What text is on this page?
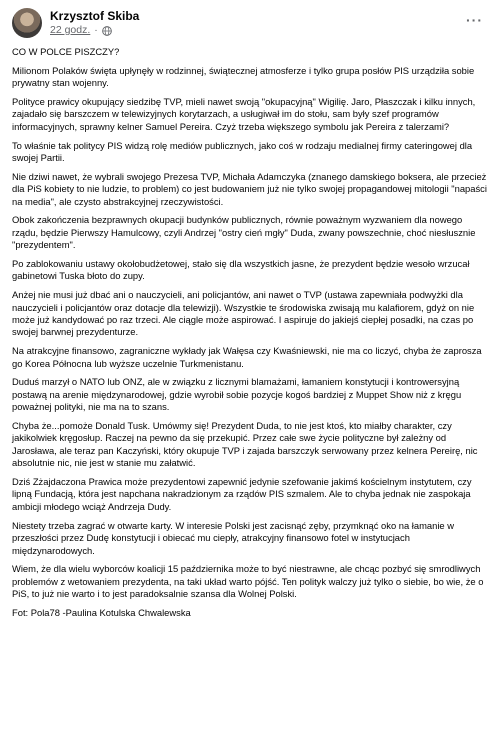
Krzysztof Skiba
22 godz. ·
···

CO W POLCE PISZCZY?

Milionom Polaków święta upłynęły w rodzinnej, świątecznej atmosferze i tylko grupa posłów PIS urządziła sobie prywatny stan wojenny.

Polityce prawicy okupujący siedzibę TVP, mieli nawet swoją "okupacyjną" Wigilię. Jaro, Płaszczak i kilku innych, zajadało się barszczem w telewizyjnych korytarzach, a usługiwał im do stołu, sam były szef programów informacyjnych, sprawny kelner Samuel Pereira. Czyż trzeba większego symbolu jak Pereira z talerzami?

To właśnie tak politycy PIS widzą rolę mediów publicznych, jako coś w rodzaju medialnej firmy cateringowej dla swojej Partii.

Nie dziwi nawet, że wybrali swojego Prezesa TVP, Michała Adamczyka (znanego damskiego boksera, ale przecież dla PiS kobiety to nie ludzie, to problem) co jest budowaniem już nie tylko swojej propagandowej mitologii "napaści na media", ale czysto abstrakcyjnej rzeczywistości.

Obok zakończenia bezprawnych okupacji budynków publicznych, równie poważnym wyzwaniem dla nowego rządu, będzie Pierwszy Hamulcowy, czyli Andrzej "ostry cień mgły" Duda, zwany powszechnie, choć niesłusznie "prezydentem".

Po zablokowaniu ustawy okołobudżetowej, stało się dla wszystkich jasne, że prezydent będzie wesoło wrzucał gabinetowi Tuska błoto do zupy.

Anżej nie musi już dbać ani o nauczycieli, ani policjantów, ani nawet o TVP (ustawa zapewniała podwyżki dla nauczycieli i policjantów oraz dotacje dla telewizji). Wszystkie te środowiska zwisają mu kalafiorem, gdyż on nie może już kandydować po raz trzeci. Ale ciągle może aspirować. I aspiruje do jakiejś ciepłej posadki, na czas po swojej barwnej prezydenturze.

Na atrakcyjne finansowo, zagraniczne wykłady jak Wałęsa czy Kwaśniewski, nie ma co liczyć, chyba że zaprosza go Korea Północna lub wyższe uczelnie Turkmenistanu.

Duduś marzył o NATO lub ONZ, ale w związku z licznymi blamażami, łamaniem konstytucji i kontrowersyjną postawą na arenie międzynarodowej, gdzie wyrobił sobie pozycje kogoś bardziej z Muppet Show niż z kręgu poważnej polityki, nie ma na to szans.

Chyba że...pomoże Donald Tusk. Umówmy się! Prezydent Duda, to nie jest ktoś, kto miałby charakter, czy jakikolwiek kręgosłup. Raczej na pewno da się przekupić. Przez całe swe życie polityczne był zależny od Jarosława, ale teraz pan Kaczyński, który okupuje TVP i zajada barszczyk serwowany przez kelnera Pereirę, nic absolutnie nic, nie jest w stanie mu załatwić.

Dziś Zżajdaczona Prawica może prezydentowi zapewnić jedynie szefowanie jakimś kościelnym instytutem, czy lipną Fundacją, która jest napchana nakradzionym za rządów PIS szmalem. Ale to chyba jednak nie zaspokaja ambicji młodego wciąż Andrzeja Dudy.

Niestety trzeba zagrać w otwarte karty. W interesie Polski jest zacisnąć zęby, przymknąć oko na łamanie w przeszłości przez Dudę konstytucji i obiecać mu ciepły, atrakcyjny finansowo fotel w instytucjach międzynarodowych.

Wiem, że dla wielu wyborców koalicji 15 października może to być niestrawne, ale chcąc pozbyć się smrodliwych problemów z wetowaniem prezydenta, na taki układ warto pójść. Ten polityk walczy już tylko o siebie, bo wie, że o PiS, to już nie warto i to jest paradoksalnie szansa dla Wolnej Polski.

Fot: Pola78 -Paulina Kotulska Chwalewska
